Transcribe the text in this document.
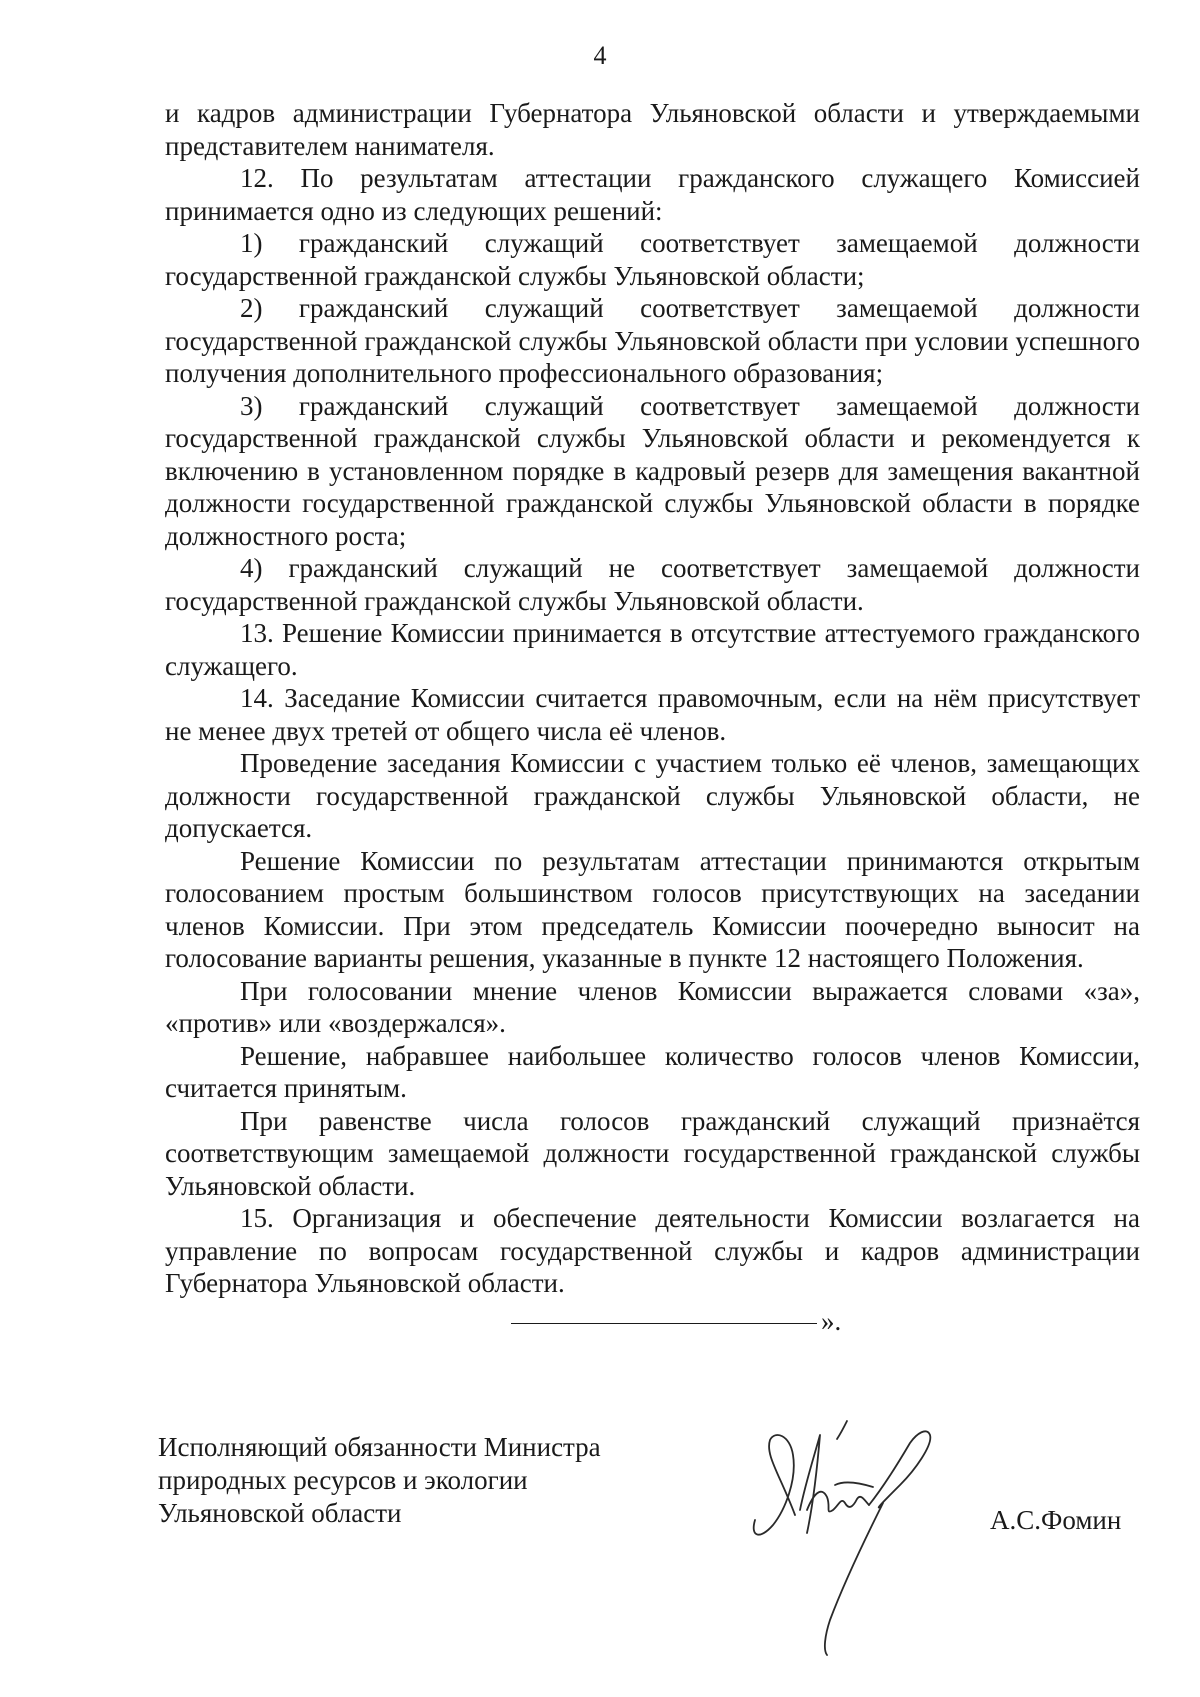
4

и кадров администрации Губернатора Ульяновской области и утверждаемыми представителем нанимателя.

12. По результатам аттестации гражданского служащего Комиссией принимается одно из следующих решений:

1) гражданский служащий соответствует замещаемой должности государственной гражданской службы Ульяновской области;

2) гражданский служащий соответствует замещаемой должности государственной гражданской службы Ульяновской области при условии успешного получения дополнительного профессионального образования;

3) гражданский служащий соответствует замещаемой должности государственной гражданской службы Ульяновской области и рекомендуется к включению в установленном порядке в кадровый резерв для замещения вакантной должности государственной гражданской службы Ульяновской области в порядке должностного роста;

4) гражданский служащий не соответствует замещаемой должности государственной гражданской службы Ульяновской области.

13. Решение Комиссии принимается в отсутствие аттестуемого гражданского служащего.

14. Заседание Комиссии считается правомочным, если на нём присутствует не менее двух третей от общего числа её членов.

Проведение заседания Комиссии с участием только её членов, замещающих должности государственной гражданской службы Ульяновской области, не допускается.

Решение Комиссии по результатам аттестации принимаются открытым голосованием простым большинством голосов присутствующих на заседании членов Комиссии. При этом председатель Комиссии поочередно выносит на голосование варианты решения, указанные в пункте 12 настоящего Положения.

При голосовании мнение членов Комиссии выражается словами «за», «против» или «воздержался».

Решение, набравшее наибольшее количество голосов членов Комиссии, считается принятым.

При равенстве числа голосов гражданский служащий признаётся соответствующим замещаемой должности государственной гражданской службы Ульяновской области.

15. Организация и обеспечение деятельности Комиссии возлагается на управление по вопросам государственной службы и кадров администрации Губернатора Ульяновской области.

».
Исполняющий обязанности Министра
природных ресурсов и экологии
Ульяновской области	А.С.Фомин
